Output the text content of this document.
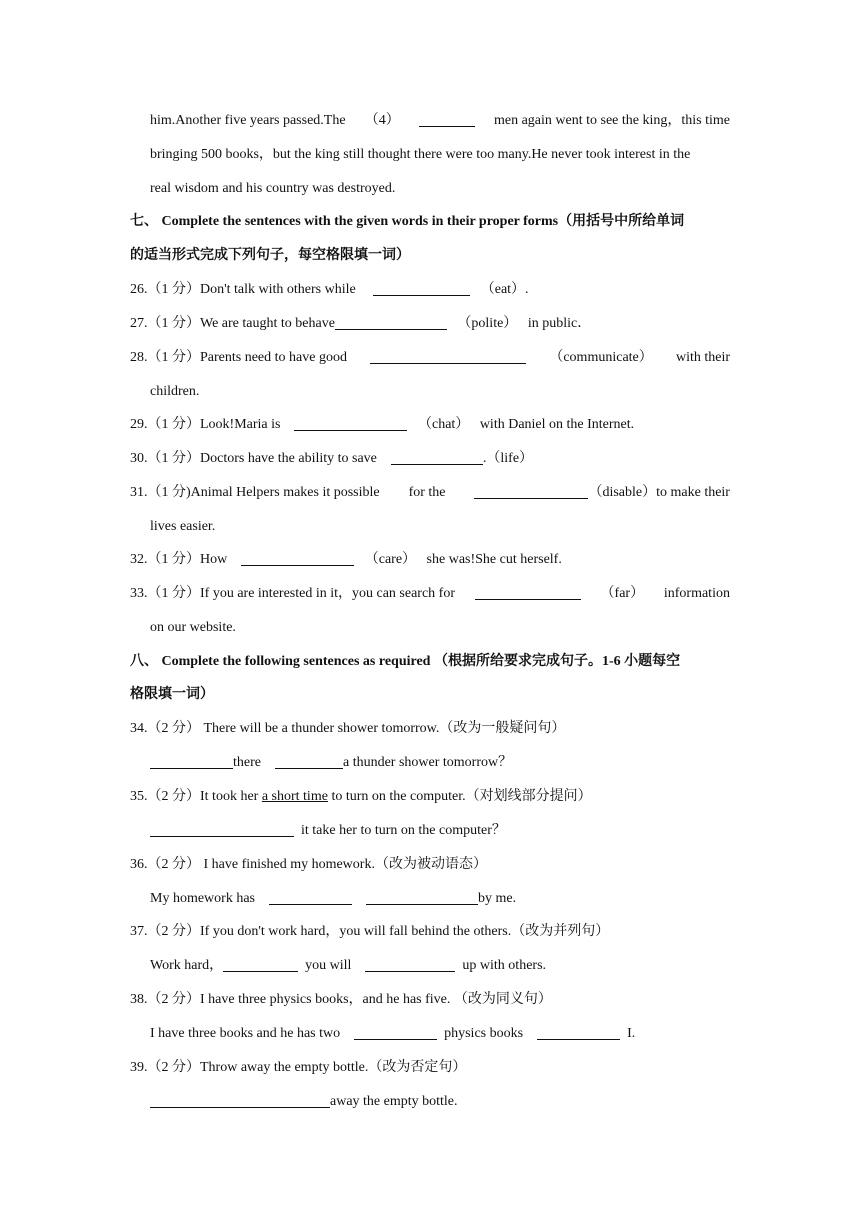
him.Another five years passed.The （4）	men again went to see the king，this time
bringing 500 books，but the king still thought there were too many.He never took interest in the
real wisdom and his country was destroyed.
七、 Complete the sentences with the given words in their proper forms（用括号中所给单词
的适当形式完成下列句子，每空格限填一词）
26.（1 分）Don't talk with others while	（eat）.
27.（1 分）We are taught to behave	（polite） in public．
28.（1 分）Parents need to have good	（communicate） with their
children.
29.（1 分）Look!Maria is	（chat） with Daniel on the Internet.
30.（1 分）Doctors have the ability to save	.（life）
31.（1 分)Animal Helpers makes it possible for the	（disable）to make their
lives easier.
32.（1 分）How	（care） she was!She cut herself.
33.（1 分）If you are interested in it，you can search for	（far） information
on our website.
八、 Complete the following sentences as required （根据所给要求完成句子。1-6 小题每空
格限填一词）
34.（2 分） There will be a thunder shower tomorrow.（改为一般疑问句）
there	a thunder shower tomorrow？
35.（2 分）It took her a short time to turn on the computer.（对划线部分提问）
it take her to turn on the computer？
36.（2 分） I have finished my homework.（改为被动语态）
My homework has	by me.
37.（2 分）If you don't work hard，you will fall behind the others.（改为并列句）
Work hard，	you will	up with others.
38.（2 分）I have three physics books，and he has five. （改为同义句）
I have three books and he has two	physics books	I.
39.（2 分）Throw away the empty bottle.（改为否定句）
away the empty bottle.
